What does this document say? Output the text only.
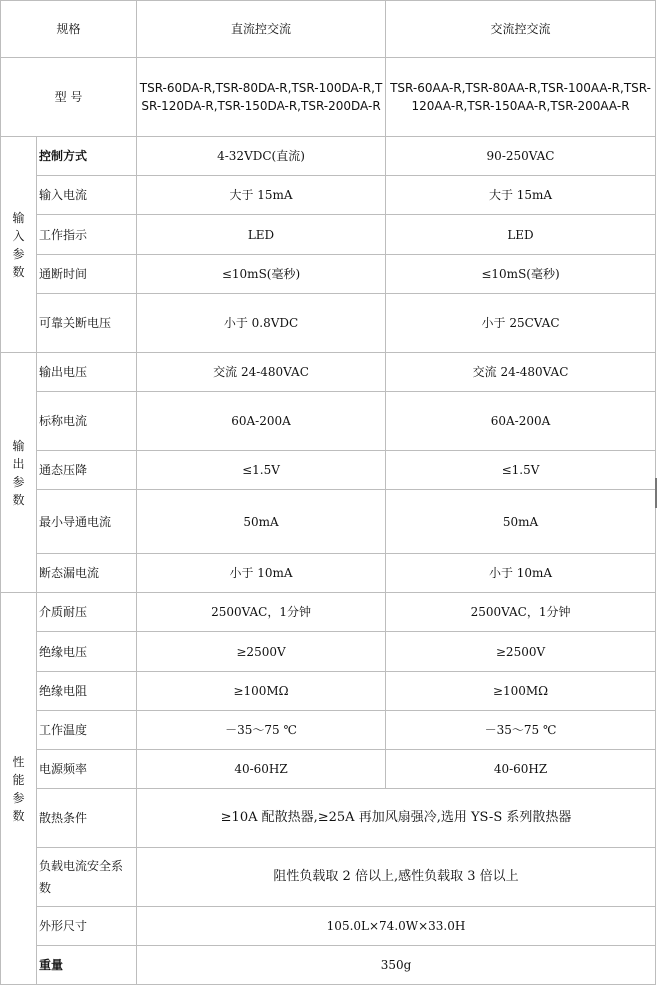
规格		直流控交流	交流控交流
型 号		TSR-60DA-R,TSR-80DA-R,TSR-100DA-R,TSR-120DA-R,TSR-150DA-R,TSR-200DA-R	TSR-60AA-R,TSR-80AA-R,TSR-100AA-R,TSR-120AA-R,TSR-150AA-R,TSR-200AA-R

输
入
参
数	控制方式	4-32VDC(直流)	90-250VAC
	输入电流	大于 15mA	大于 15mA
	工作指示	LED	LED
	通断时间	≤10mS(毫秒)	≤10mS(毫秒)
	可靠关断电压	小于 0.8VDC	小于 25CVAC

输
出
参
数	输出电压	交流 24-480VAC	交流 24-480VAC
	标称电流	60A-200A	60A-200A
	通态压降	≤1.5V	≤1.5V
	最小导通电流	50mA	50mA
	断态漏电流	小于 10mA	小于 10mA

性
能
参
数	介质耐压	2500VAC，1分钟	2500VAC，1分钟
	绝缘电压	≥2500V	≥2500V
	绝缘电阻	≥100MΩ	≥100MΩ
	工作温度	－35～75 ℃	－35～75 ℃
	电源频率	40-60HZ	40-60HZ
	散热条件	≥10A 配散热器,≥25A 再加风扇强冷,选用 YS-S 系列散热器	
	负载电流安全系数	阻性负载取 2 倍以上,感性负载取 3 倍以上	
	外形尺寸	105.0L×74.0W×33.0H	
	重量	350g	
